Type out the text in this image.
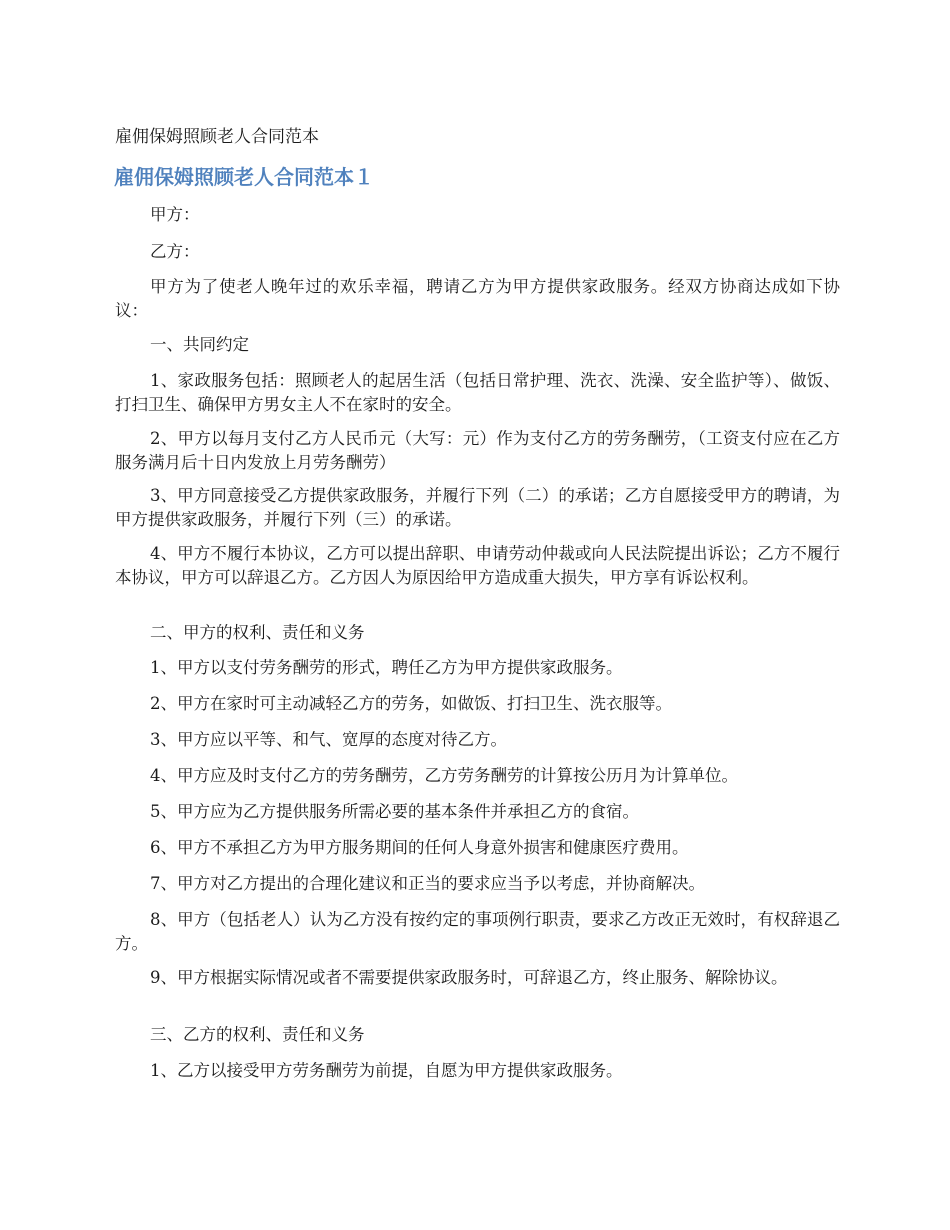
雇佣保姆照顾老人合同范本
雇佣保姆照顾老人合同范本１

甲方：

乙方：

甲方为了使老人晚年过的欢乐幸福，聘请乙方为甲方提供家政服务。经双方协商达成如下协议：

一、共同约定

1、家政服务包括：照顾老人的起居生活（包括日常护理、洗衣、洗澡、安全监护等）、做饭、打扫卫生、确保甲方男女主人不在家时的安全。

2、甲方以每月支付乙方人民币元（大写：元）作为支付乙方的劳务酬劳，（工资支付应在乙方服务满月后十日内发放上月劳务酬劳）

3、甲方同意接受乙方提供家政服务，并履行下列（二）的承诺；乙方自愿接受甲方的聘请，为甲方提供家政服务，并履行下列（三）的承诺。

4、甲方不履行本协议，乙方可以提出辞职、申请劳动仲裁或向人民法院提出诉讼；乙方不履行本协议，甲方可以辞退乙方。乙方因人为原因给甲方造成重大损失，甲方享有诉讼权利。

二、甲方的权利、责任和义务

1、甲方以支付劳务酬劳的形式，聘任乙方为甲方提供家政服务。

2、甲方在家时可主动减轻乙方的劳务，如做饭、打扫卫生、洗衣服等。

3、甲方应以平等、和气、宽厚的态度对待乙方。

4、甲方应及时支付乙方的劳务酬劳，乙方劳务酬劳的计算按公历月为计算单位。

5、甲方应为乙方提供服务所需必要的基本条件并承担乙方的食宿。

6、甲方不承担乙方为甲方服务期间的任何人身意外损害和健康医疗费用。

7、甲方对乙方提出的合理化建议和正当的要求应当予以考虑，并协商解决。

8、甲方（包括老人）认为乙方没有按约定的事项例行职责，要求乙方改正无效时，有权辞退乙方。

9、甲方根据实际情况或者不需要提供家政服务时，可辞退乙方，终止服务、解除协议。

三、乙方的权利、责任和义务

1、乙方以接受甲方劳务酬劳为前提，自愿为甲方提供家政服务。
